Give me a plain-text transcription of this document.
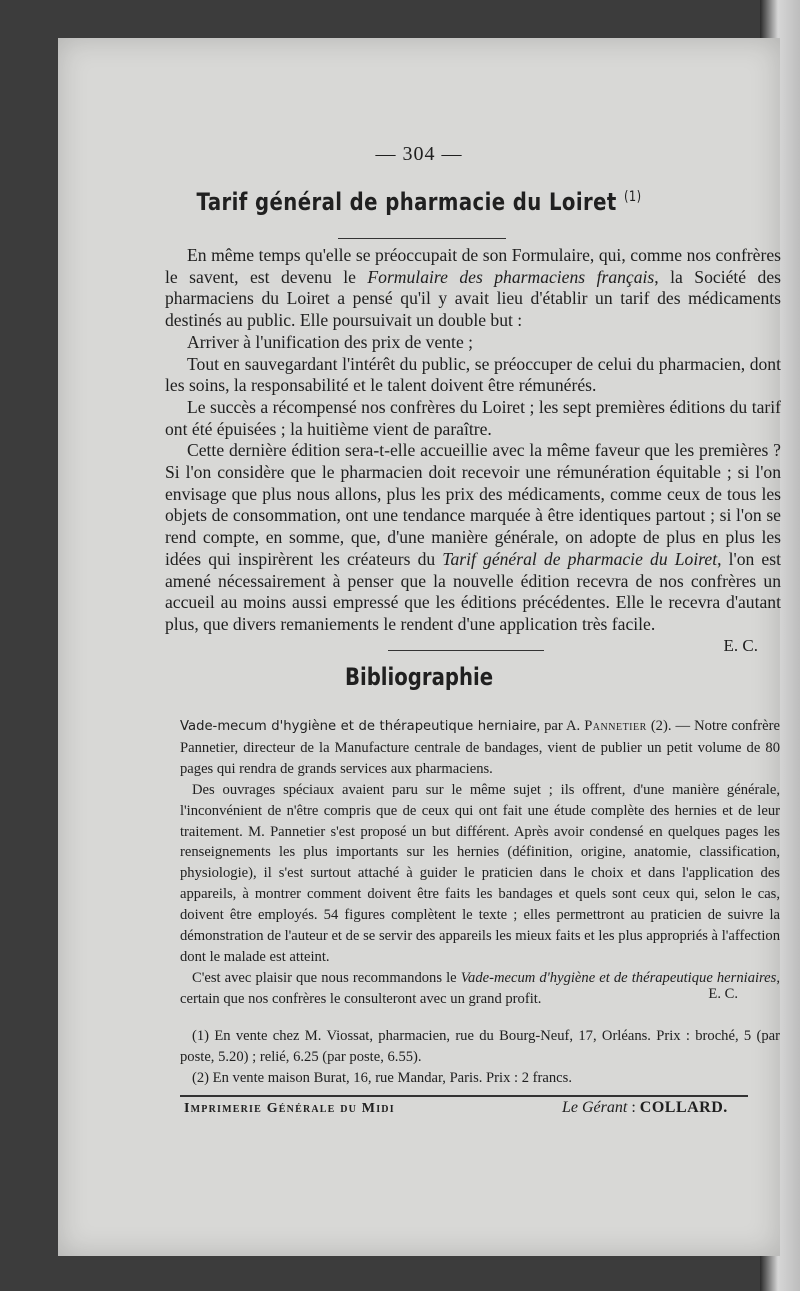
— 304 —
Tarif général de pharmacie du Loiret $^{(1)}$

En même temps qu'elle se préoccupait de son Formulaire, qui, comme nos confrères le savent, est devenu le Formulaire des pharmaciens français, la Société des pharmaciens du Loiret a pensé qu'il y avait lieu d'établir un tarif des médicaments destinés au public. Elle poursuivait un double but :

Arriver à l'unification des prix de vente ;

Tout en sauvegardant l'intérêt du public, se préoccuper de celui du pharmacien, dont les soins, la responsabilité et le talent doivent être rémunérés.

Le succès a récompensé nos confrères du Loiret ; les sept premières éditions du tarif ont été épuisées ; la huitième vient de paraître.

Cette dernière édition sera-t-elle accueillie avec la même faveur que les premières ? Si l'on considère que le pharmacien doit recevoir une rémunération équitable ; si l'on envisage que plus nous allons, plus les prix des médicaments, comme ceux de tous les objets de consommation, ont une tendance marquée à être identiques partout ; si l'on se rend compte, en somme, que, d'une manière générale, on adopte de plus en plus les idées qui inspirèrent les créateurs du Tarif général de pharmacie du Loiret, l'on est amené nécessairement à penser que la nouvelle édition recevra de nos confrères un accueil au moins aussi empressé que les éditions précédentes. Elle le recevra d'autant plus, que divers remaniements le rendent d'une application très facile.

E. C.
Bibliographie

Vade-mecum d'hygiène et de thérapeutique herniaire, par A. Pannetier (2). — Notre confrère Pannetier, directeur de la Manufacture centrale de bandages, vient de publier un petit volume de 80 pages qui rendra de grands services aux pharmaciens.

Des ouvrages spéciaux avaient paru sur le même sujet ; ils offrent, d'une manière générale, l'inconvénient de n'être compris que de ceux qui ont fait une étude complète des hernies et de leur traitement. M. Pannetier s'est proposé un but différent. Après avoir condensé en quelques pages les renseignements les plus importants sur les hernies (définition, origine, anatomie, classification, physiologie), il s'est surtout attaché à guider le praticien dans le choix et dans l'application des appareils, à montrer comment doivent être faits les bandages et quels sont ceux qui, selon le cas, doivent être employés. 54 figures complètent le texte ; elles permettront au praticien de suivre la démonstration de l'auteur et de se servir des appareils les mieux faits et les plus appropriés à l'affection dont le malade est atteint.

C'est avec plaisir que nous recommandons le Vade-mecum d'hygiène et de thérapeutique herniaires, certain que nos confrères le consulteront avec un grand profit.	E. C.

(1) En vente chez M. Viossat, pharmacien, rue du Bourg-Neuf, 17, Orléans. Prix : broché, 5 (par poste, 5.20) ; relié, 6.25 (par poste, 6.55).

(2) En vente maison Burat, 16, rue Mandar, Paris. Prix : 2 francs.

Imprimerie Générale du Midi	Le Gérant : COLLARD.
